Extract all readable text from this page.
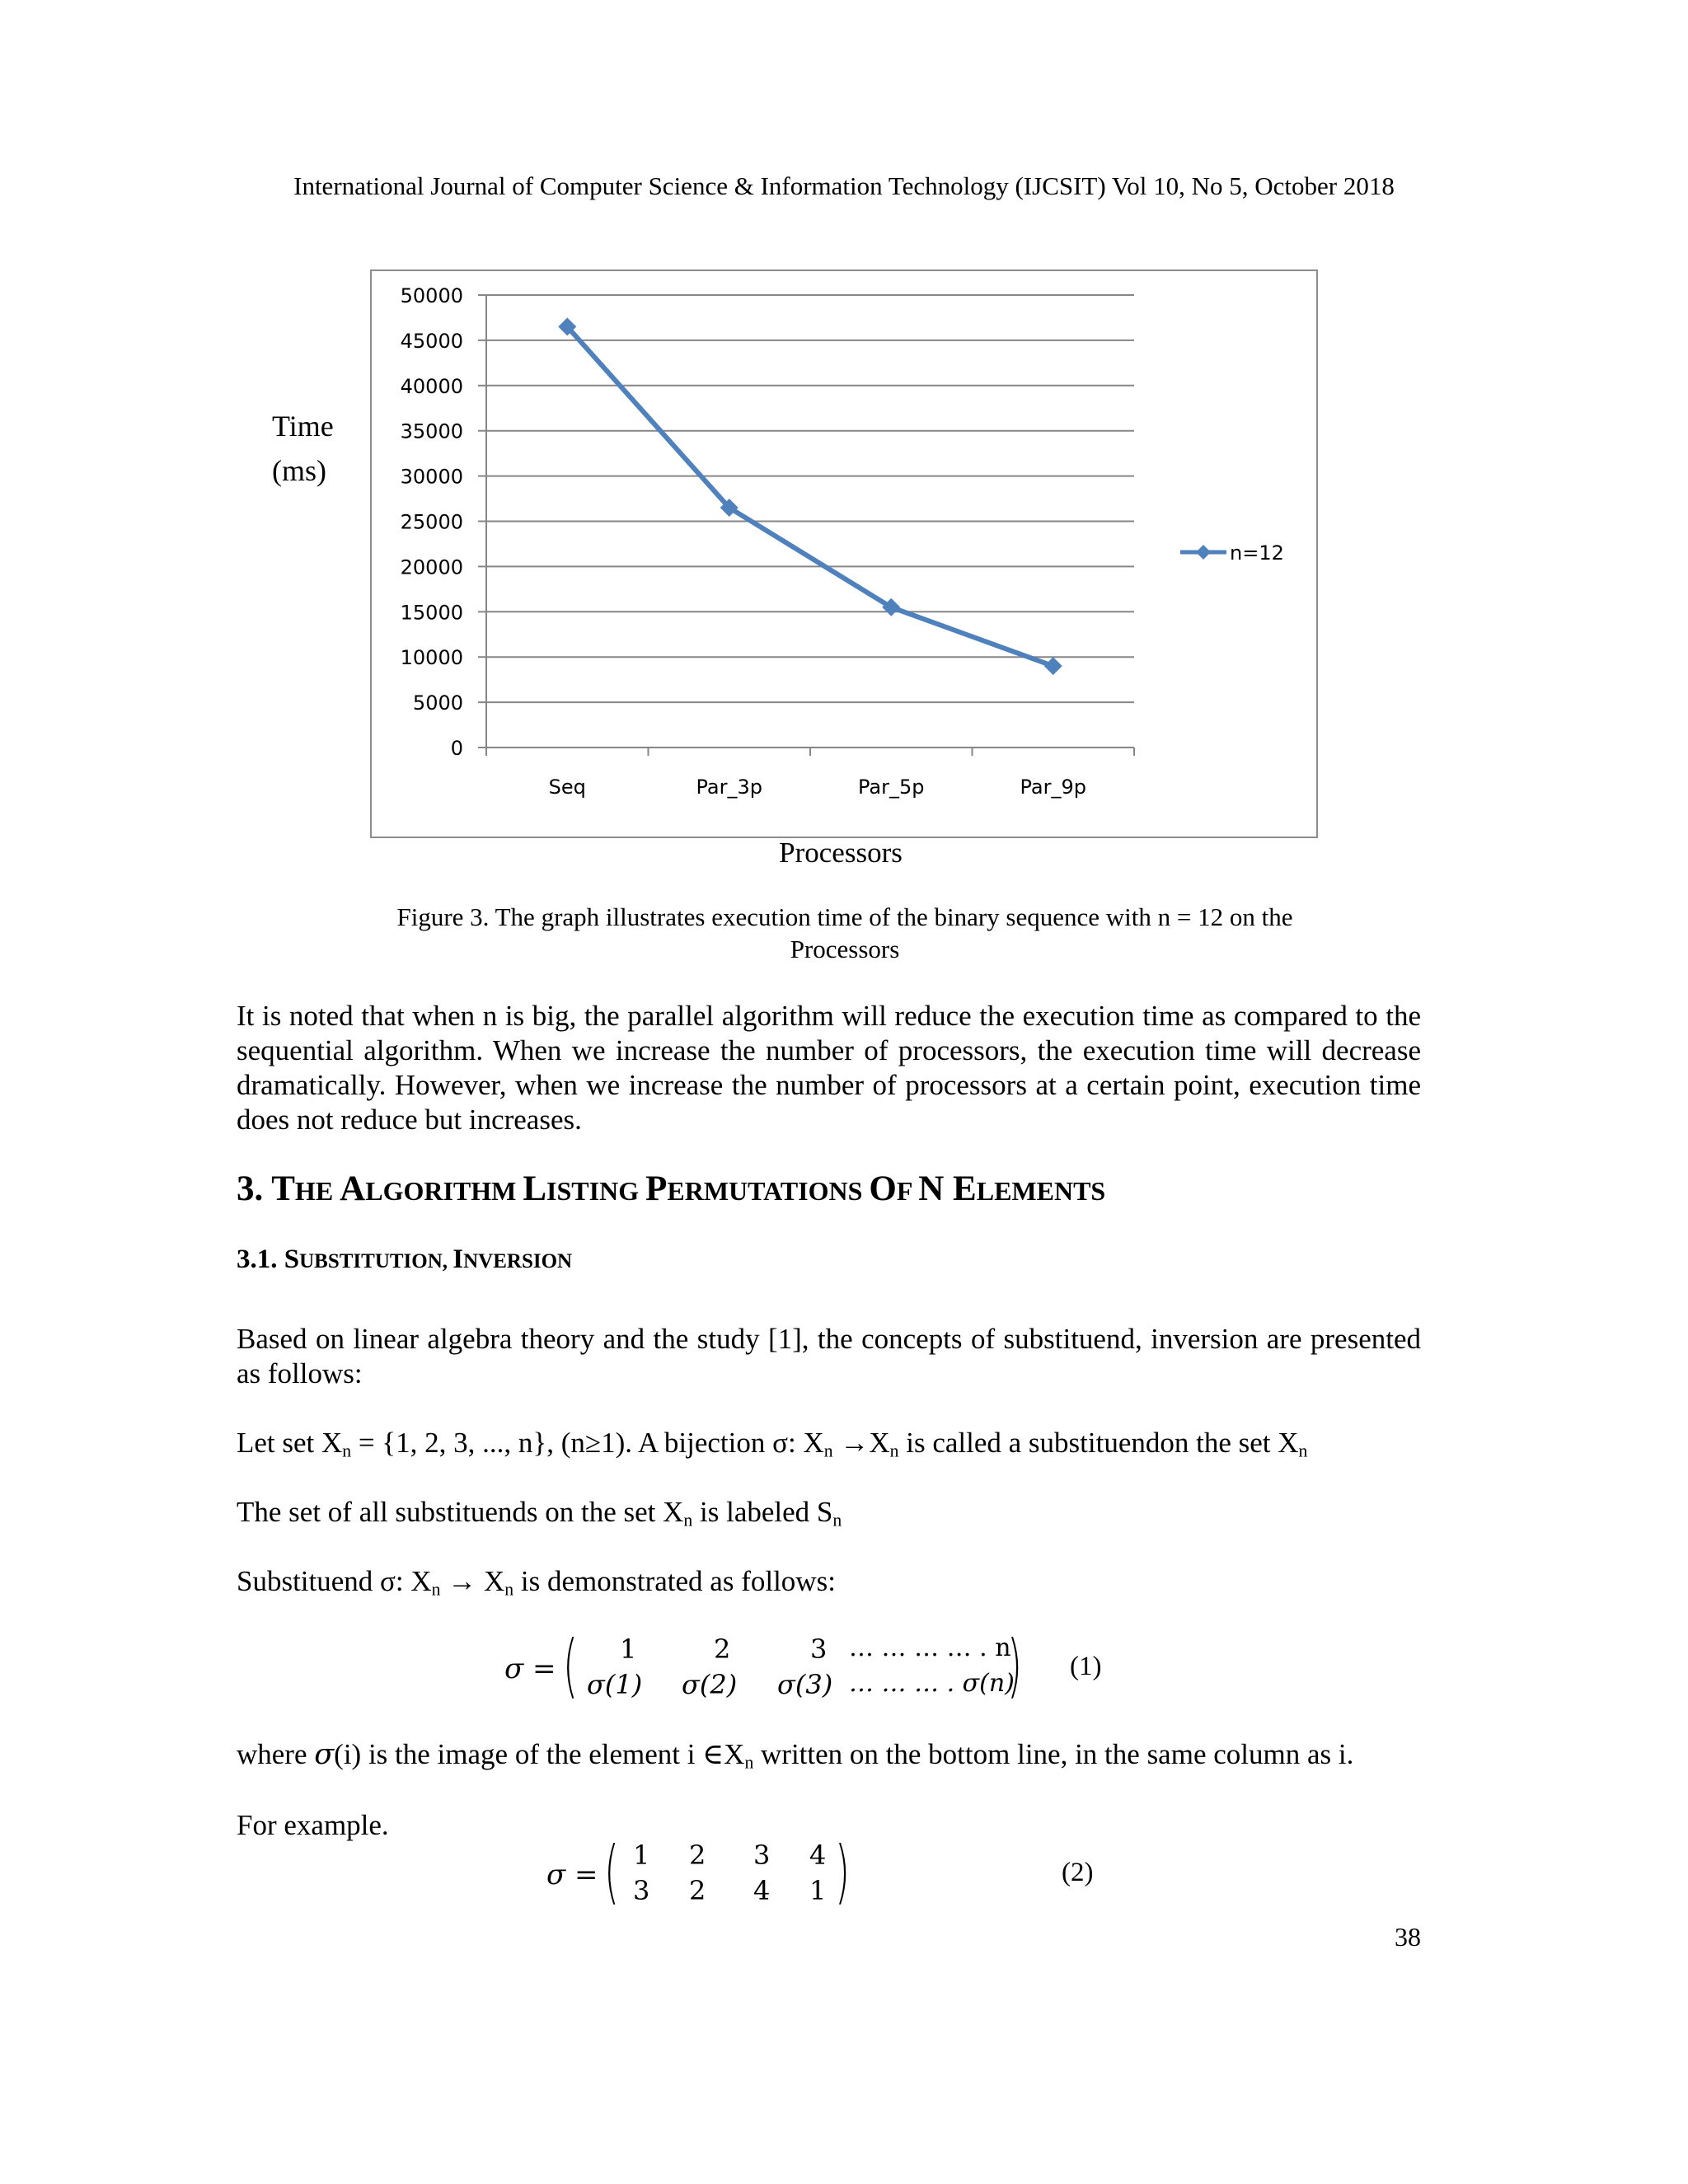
International Journal of Computer Science & Information Technology (IJCSIT) Vol 10, No 5, October 2018
0
5000
10000
15000
20000
25000
30000
35000
40000
45000
50000
Seq	Par_3p	Par_5p	Par_9p
n=12
Time
(ms)
Processors
Figure 3. The graph illustrates execution time of the binary sequence with n = 12 on the
Processors
It is noted that when n is big, the parallel algorithm will reduce the execution time as compared to the sequential algorithm. When we increase the number of processors, the execution time will decrease dramatically. However, when we increase the number of processors at a certain point, execution time does not reduce but increases.
3. THE ALGORITHM LISTING PERMUTATIONS OF N ELEMENTS
3.1. SUBSTITUTION, INVERSION
Based on linear algebra theory and the study [1], the concepts of substituend, inversion are presented as follows:
Let set $X_n = \{1$, 2, 3, ..., n}, (n≥1). A bijection σ: $X_n \to X_n$ is called a substituendon the set $X_n$
The set of all substituends on the set $X_n$ is labeled $S_n$
Substituend σ: $X_n \to X_n$ is demonstrated as follows:
σ = ( 1	2	3 … … … … . n
σ(1) σ(2) σ(3) … … … . σ(n)
) (1)
where σ(i) is the image of the element i $\in X_n$ written on the bottom line, in the same column as i.
For example.
σ = ( 1 2 3 4
3 2 4 1 )	(2)
38
